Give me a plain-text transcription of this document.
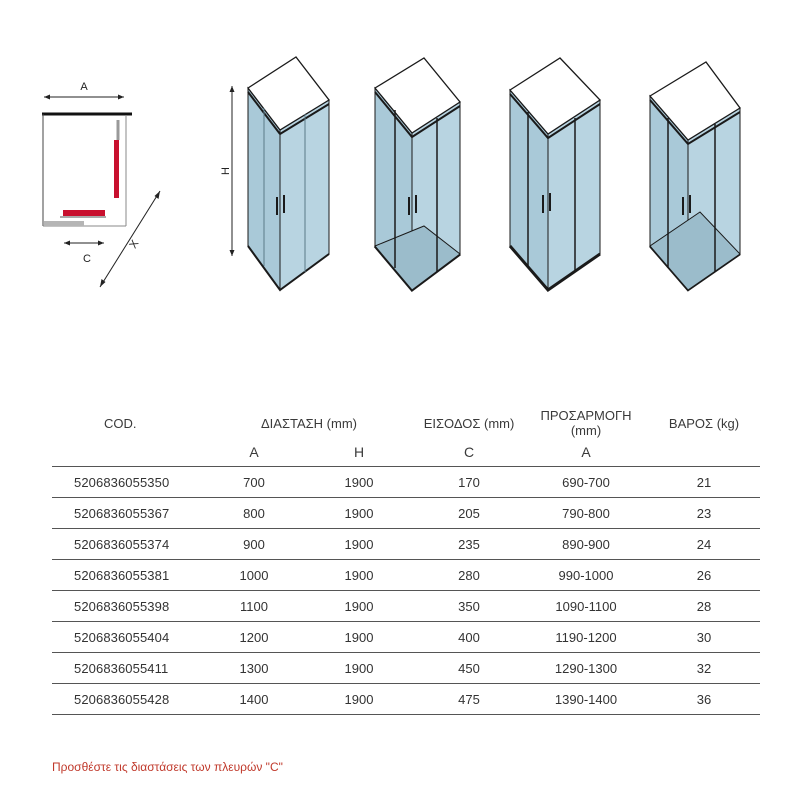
A
C
X
H
COD.	ΔΙΑΣΤΑΣΗ (mm)		ΕΙΣΟΔΟΣ (mm)	ΠΡΟΣΑΡΜΟΓΗ (mm)	ΒΑΡΟΣ (kg)
	A	H	C	A	
5206836055350	700	1900	170	690-700	21
5206836055367	800	1900	205	790-800	23
5206836055374	900	1900	235	890-900	24
5206836055381	1000	1900	280	990-1000	26
5206836055398	1100	1900	350	1090-1100	28
5206836055404	1200	1900	400	1190-1200	30
5206836055411	1300	1900	450	1290-1300	32
5206836055428	1400	1900	475	1390-1400	36
Προσθέστε τις διαστάσεις των πλευρών "C"
